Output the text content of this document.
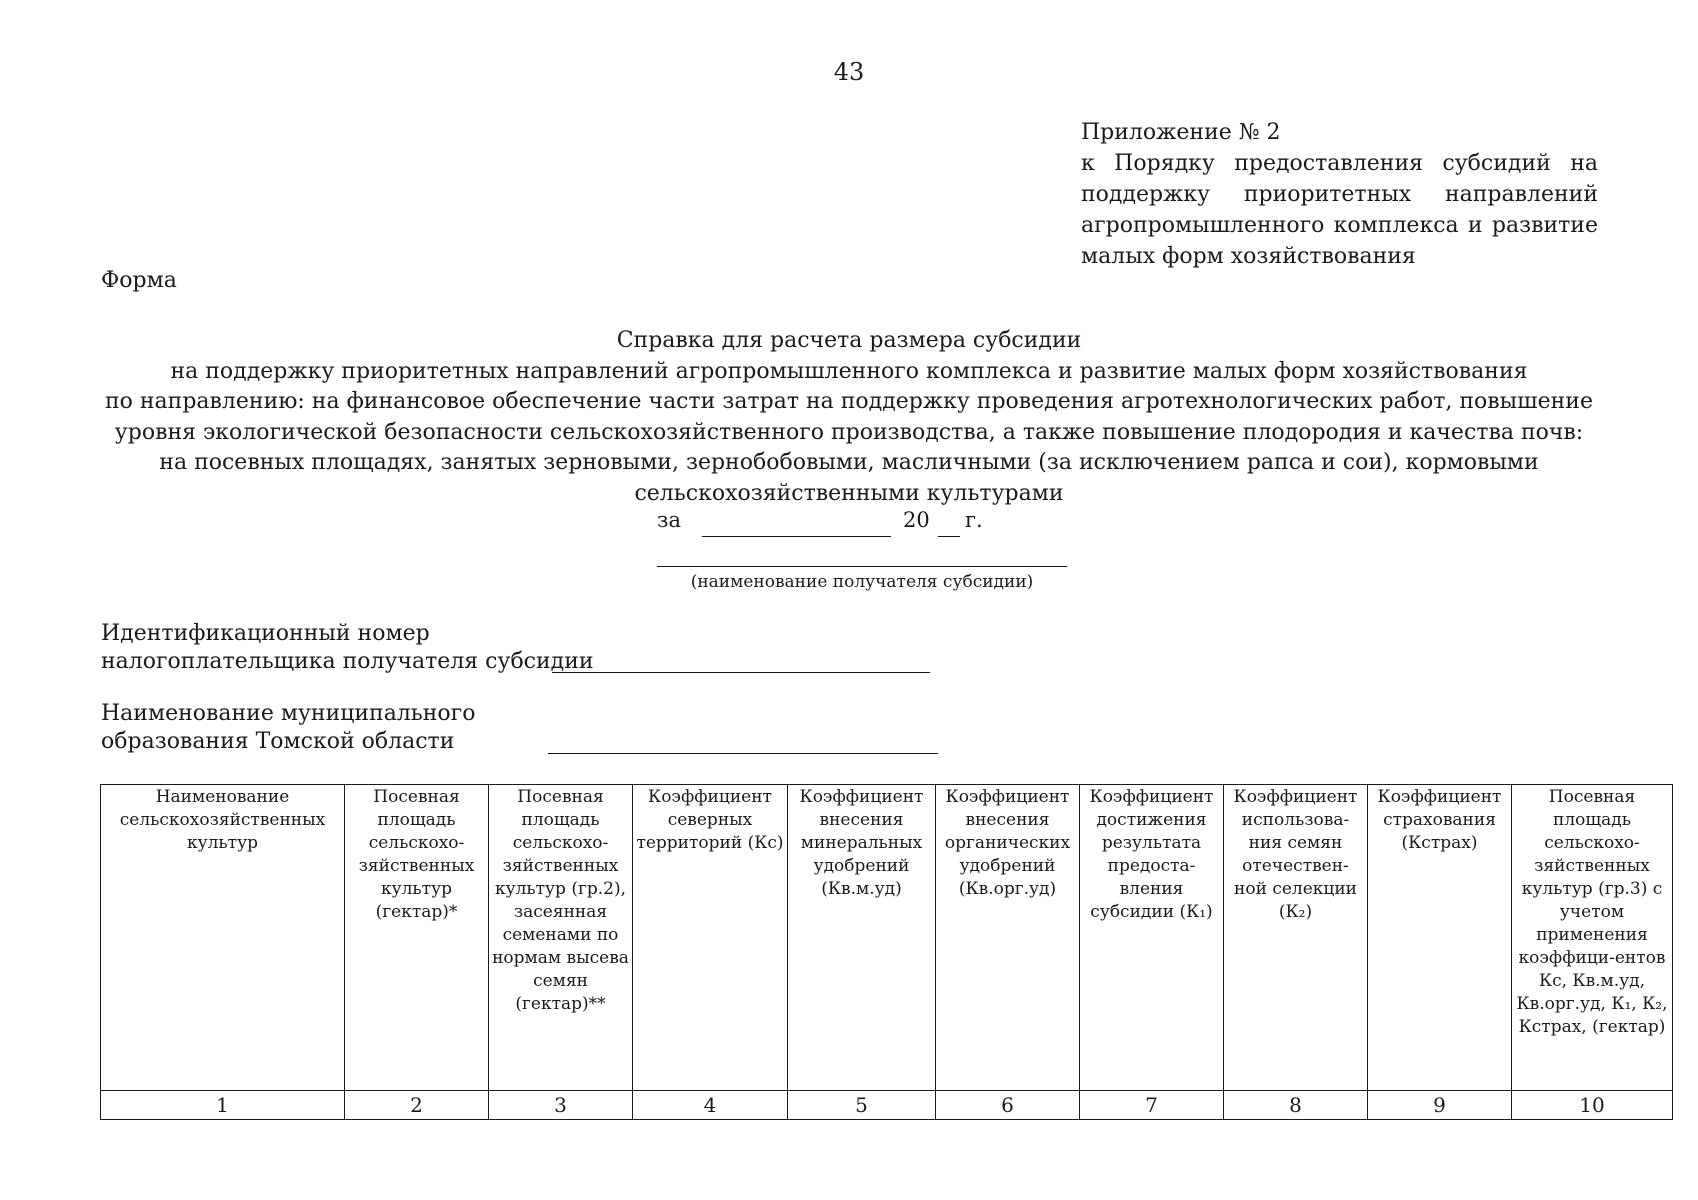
43
Приложение № 2
к Порядку предоставления субсидий на поддержку приоритетных направлений агропромышленного комплекса и развитие малых форм хозяйствования
Форма
Справка для расчета размера субсидии
на поддержку приоритетных направлений агропромышленного комплекса и развитие малых форм хозяйствования
по направлению: на финансовое обеспечение части затрат на поддержку проведения агротехнологических работ, повышение
уровня экологической безопасности сельскохозяйственного производства, а также повышение плодородия и качества почв:
на посевных площадях, занятых зерновыми, зернобобовыми, масличными (за исключением рапса и сои), кормовыми
сельскохозяйственными культурами
за	20 г.
(наименование получателя субсидии)
Идентификационный номер
налогоплательщика получателя субсидии
Наименование муниципального
образования Томской области
Наименование сельскохозяйственных культур	Посевная площадь сельскохо-зяйственных культур (гектар)*	Посевная площадь сельскохо-зяйственных культур (гр.2), засеянная семенами по нормам высева семян (гектар)**	Коэффициент северных территорий (Кс)	Коэффициент внесения минеральных удобрений (Кв.м.уд)	Коэффициент внесения органических удобрений (Кв.орг.уд)	Коэффициент достижения результата предоста-вления субсидии (К₁)	Коэффициент использова-ния семян отечествен-ной селекции (К₂)	Коэффициент страхования (Кстрах)	Посевная площадь сельскохо-зяйственных культур (гр.3) с учетом применения коэффици-ентов Кс, Кв.м.уд, Кв.орг.уд, К₁, К₂, Кстрах, (гектар)
1	2	3	4	5	6	7	8	9	10
